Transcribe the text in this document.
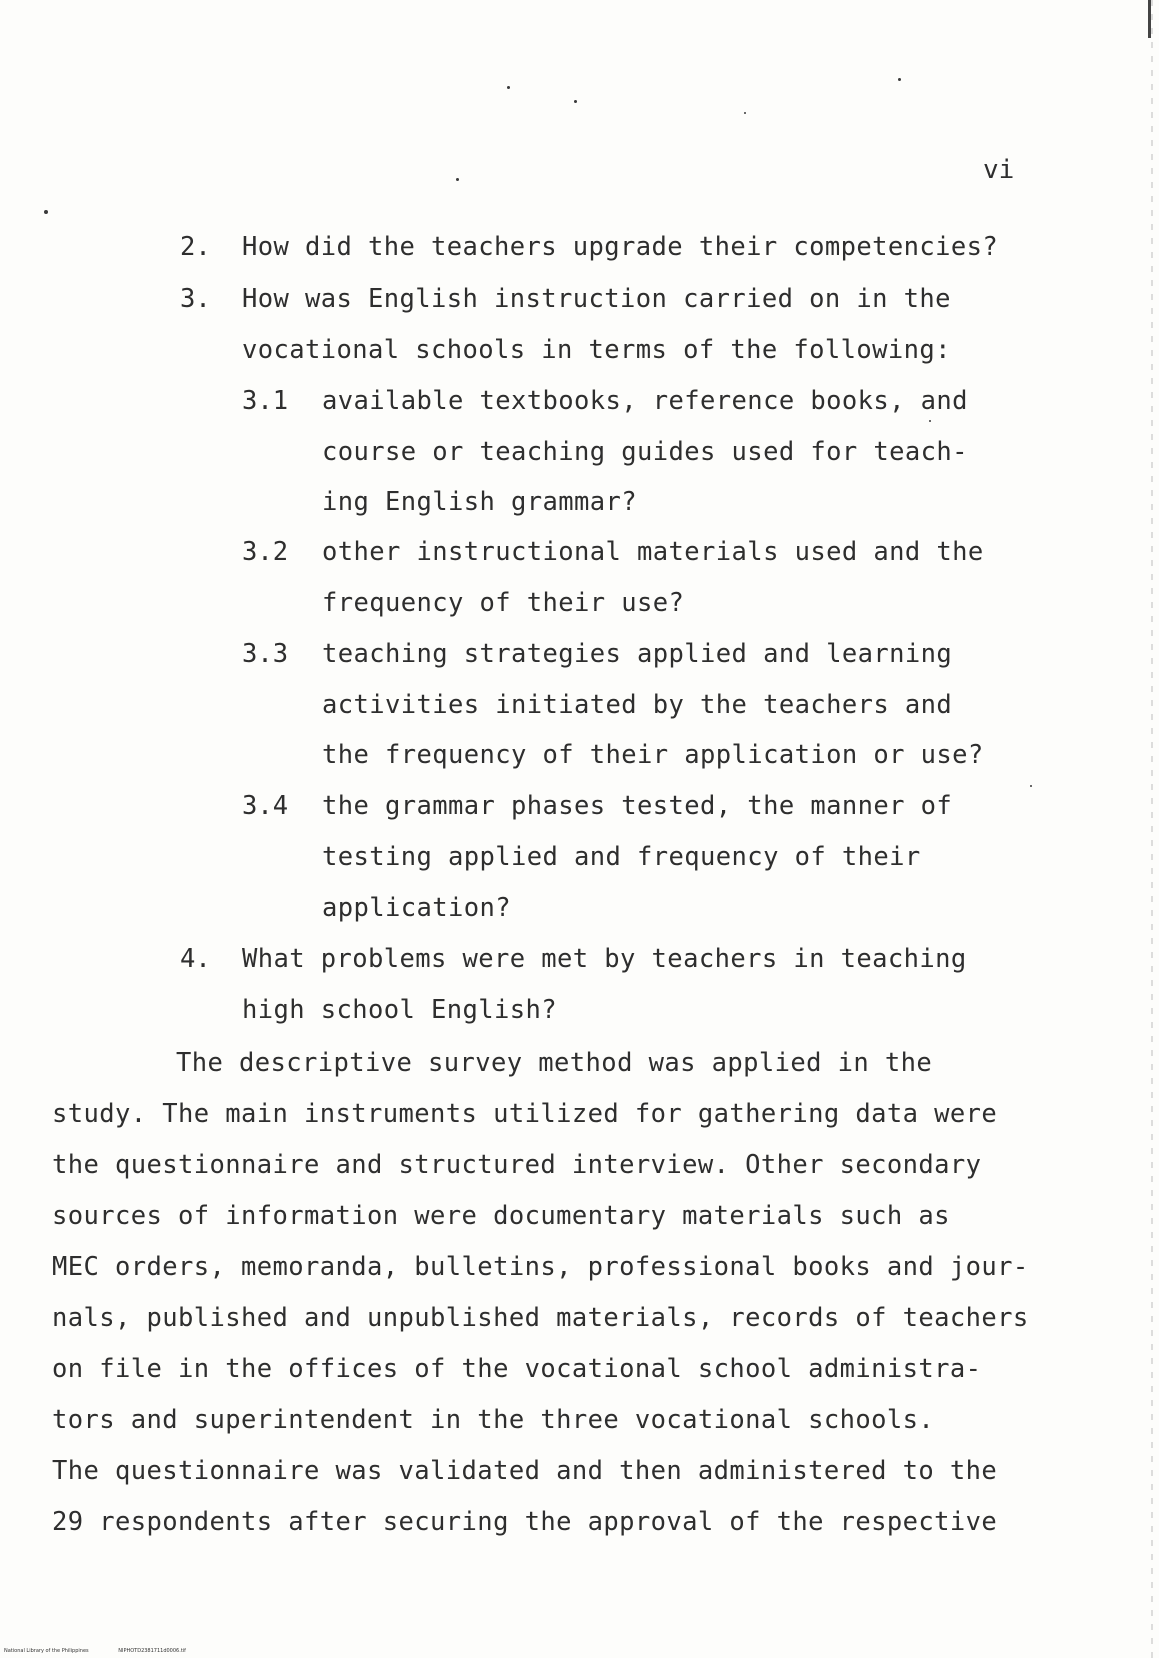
vi
2. How did the teachers upgrade their competencies?
3. How was English instruction carried on in the
vocational schools in terms of the following:
3.1 available textbooks, reference books, and
course or teaching guides used for teach-
ing English grammar?
3.2 other instructional materials used and the
frequency of their use?
3.3 teaching strategies applied and learning
activities initiated by the teachers and
the frequency of their application or use?
3.4 the grammar phases tested, the manner of
testing applied and frequency of their
application?
4. What problems were met by teachers in teaching
high school English?
The descriptive survey method was applied in the
study. The main instruments utilized for gathering data were
the questionnaire and structured interview. Other secondary
sources of information were documentary materials such as
MEC orders, memoranda, bulletins, professional books and jour-
nals, published and unpublished materials, records of teachers
on file in the offices of the vocational school administra-
tors and superintendent in the three vocational schools.
The questionnaire was validated and then administered to the
29 respondents after securing the approval of the respective
National Library of the Philippines	NIPHOTD2381711d0006.tif
